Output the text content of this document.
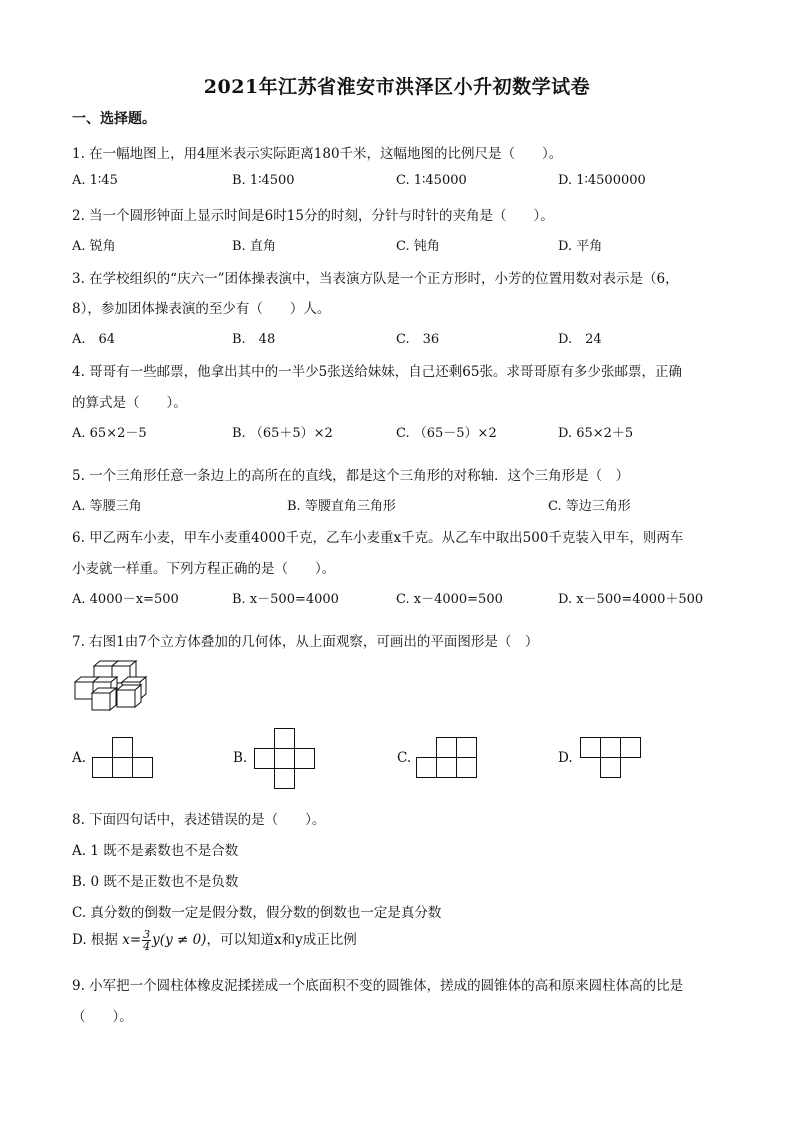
2021年江苏省淮安市洪泽区小升初数学试卷
一、选择题。
1. 在一幅地图上，用4厘米表示实际距离180千米，这幅地图的比例尺是（　　）。
A. 1∶45	B. 1∶4500	C. 1∶45000	D. 1∶4500000
2. 当一个圆形钟面上显示时间是6时15分的时刻，分针与时针的夹角是（　　）。
A. 锐角	B. 直角	C. 钝角	D. 平角
3. 在学校组织的“庆六一”团体操表演中，当表演方队是一个正方形时，小芳的位置用数对表示是（6，
8），参加团体操表演的至少有（　　）人。
A.　64	B.　48	C.　36	D.　24
4. 哥哥有一些邮票，他拿出其中的一半少5张送给妹妹，自己还剩65张。求哥哥原有多少张邮票，正确
的算式是（　　）。
A. 65×2－5	B. （65＋5）×2	C. （65－5）×2	D. 65×2＋5
5. 一个三角形任意一条边上的高所在的直线，都是这个三角形的对称轴．这个三角形是（　）
A. 等腰三角	B. 等腰直角三角形	C. 等边三角形
6. 甲乙两车小麦，甲车小麦重4000千克，乙车小麦重x千克。从乙车中取出500千克装入甲车，则两车
小麦就一样重。下列方程正确的是（　　）。
A. 4000－x=500	B. x－500=4000	C. x－4000=500	D. x－500=4000＋500
7. 右图1由7个立方体叠加的几何体，从上面观察，可画出的平面图形是（　）
A.	B.	C.	D.
8. 下面四句话中，表述错误的是（　　）。
A. 1 既不是素数也不是合数
B. 0 既不是正数也不是负数
C. 真分数的倒数一定是假分数，假分数的倒数也一定是真分数
D. 根据 $x= \frac{3}{4} y(y \ne 0)$，可以知道x和y成正比例
9. 小军把一个圆柱体橡皮泥揉搓成一个底面积不变的圆锥体，搓成的圆锥体的高和原来圆柱体高的比是
（　　）。
